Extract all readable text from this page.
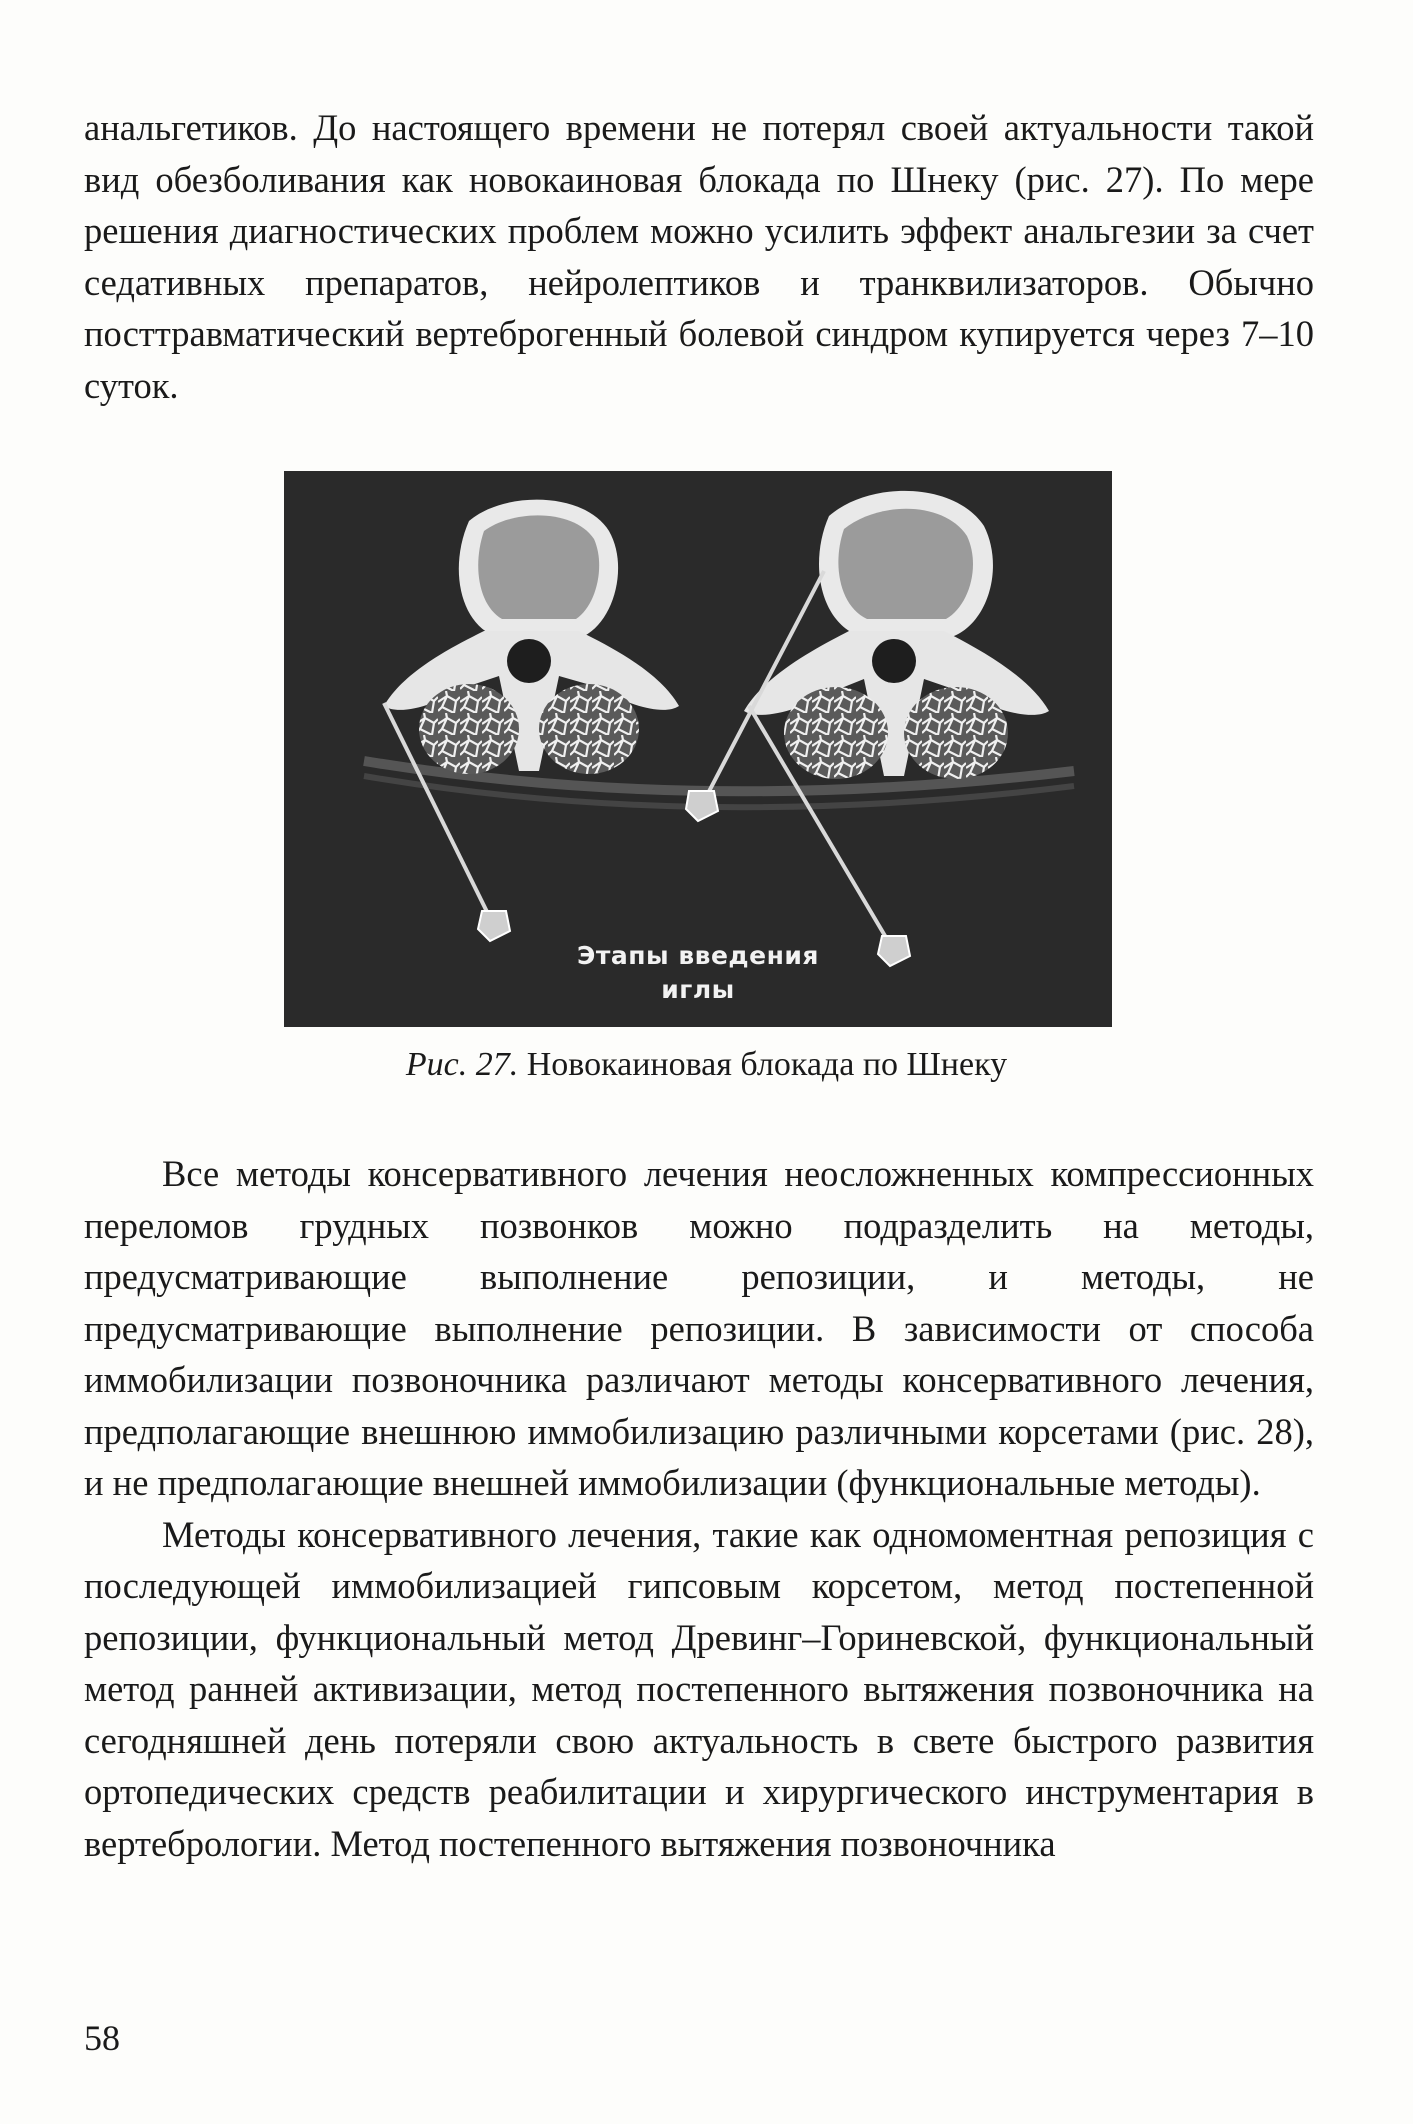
анальгетиков. До настоящего времени не потерял своей актуальности такой вид обезболивания как новокаиновая блокада по Шнеку (рис. 27). По мере решения диагностических проблем можно усилить эффект анальгезии за счет седативных препаратов, нейролептиков и транквилизаторов. Обычно посттравматический вертеброгенный болевой синдром купируется через 7–10 суток.

Этапы введения
иглы
Рис. 27. Новокаиновая блокада по Шнеку

Все методы консервативного лечения неосложненных компрессионных переломов грудных позвонков можно подразделить на методы, предусматривающие выполнение репозиции, и методы, не предусматривающие выполнение репозиции. В зависимости от способа иммобилизации позвоночника различают методы консервативного лечения, предполагающие внешнюю иммобилизацию различными корсетами (рис. 28), и не предполагающие внешней иммобилизации (функциональные методы).

Методы консервативного лечения, такие как одномоментная репозиция с последующей иммобилизацией гипсовым корсетом, метод постепенной репозиции, функциональный метод Древинг–Гориневской, функциональный метод ранней активизации, метод постепенного вытяжения позвоночника на сегодняшней день потеряли свою актуальность в свете быстрого развития ортопедических средств реабилитации и хирургического инструментария в вертебрологии. Метод постепенного вытяжения позвоночника

58
